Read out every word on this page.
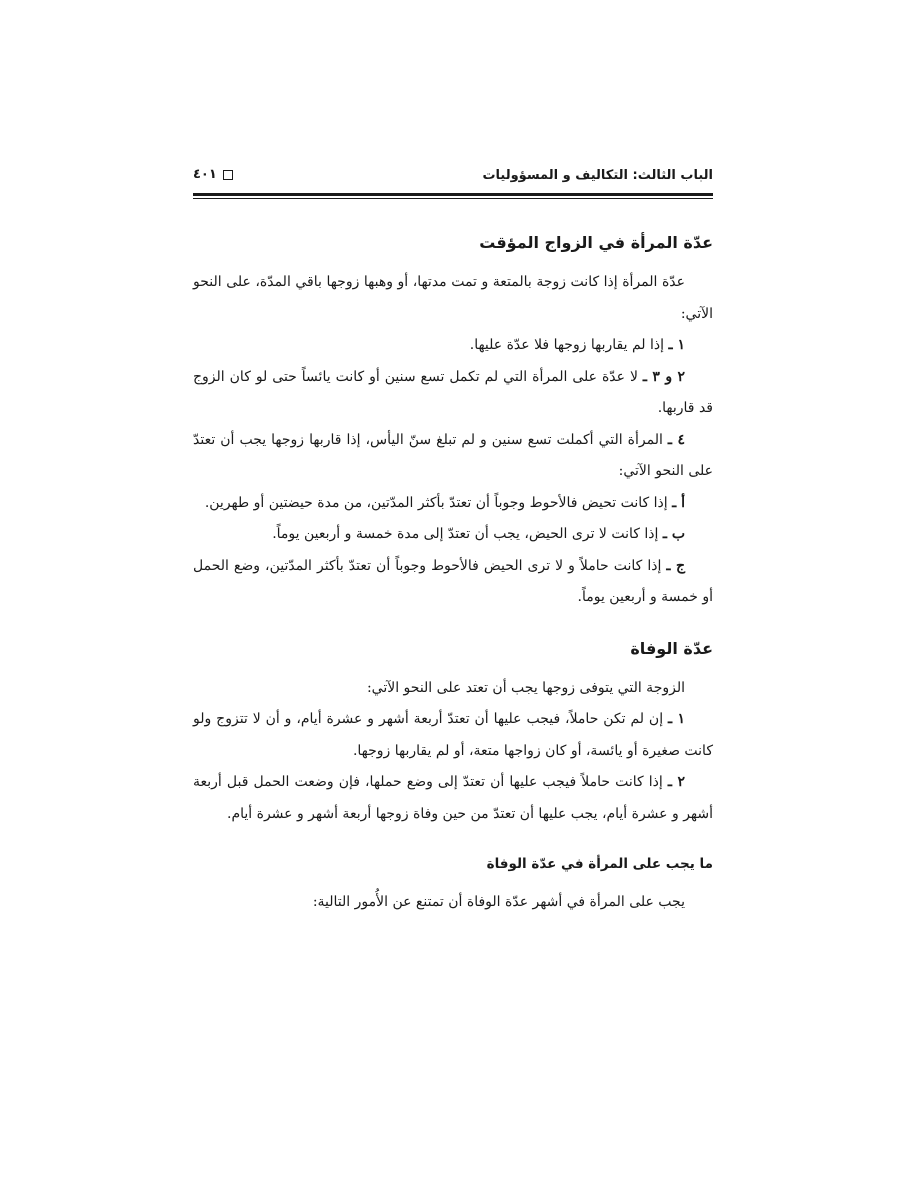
الباب الثالث: التكاليف و المسؤوليات
٤٠١
عدّة المرأة في الزواج المؤقت

عدّة المرأة إذا كانت زوجة بالمتعة و تمت مدتها، أو وهبها زوجها باقي المدّة، على النحو الآتي:

١ ـ إذا لم يقاربها زوجها فلا عدّة عليها.

٢ و ٣ ـ لا عدّة على المرأة التي لم تكمل تسع سنين أو كانت يائساً حتى لو كان الزوج قد قاربها.

٤ ـ المرأة التي أكملت تسع سنين و لم تبلغ سنّ اليأس، إذا قاربها زوجها يجب أن تعتدّ على النحو الآتي:

أ ـ إذا كانت تحيض فالأحوط وجوباً أن تعتدّ بأكثر المدّتين، من مدة حيضتين أو طهرين.

ب ـ إذا كانت لا ترى الحيض، يجب أن تعتدّ إلى مدة خمسة و أربعين يوماً.

ج ـ إذا كانت حاملاً و لا ترى الحيض فالأحوط وجوباً أن تعتدّ بأكثر المدّتين، وضع الحمل أو خمسة و أربعين يوماً.

عدّة الوفاة

الزوجة التي يتوفى زوجها يجب أن تعتد على النحو الآتي:

١ ـ إن لم تكن حاملاً، فيجب عليها أن تعتدّ أربعة أشهر و عشرة أيام، و أن لا تتزوج ولو كانت صغيرة أو يائسة، أو كان زواجها متعة، أو لم يقاربها زوجها.

٢ ـ إذا كانت حاملاً فيجب عليها أن تعتدّ إلى وضع حملها، فإن وضعت الحمل قبل أربعة أشهر و عشرة أيام، يجب عليها أن تعتدّ من حين وفاة زوجها أربعة أشهر و عشرة أيام.

ما يجب على المرأة في عدّة الوفاة

يجب على المرأة في أشهر عدّة الوفاة أن تمتنع عن الأُمور التالية:
